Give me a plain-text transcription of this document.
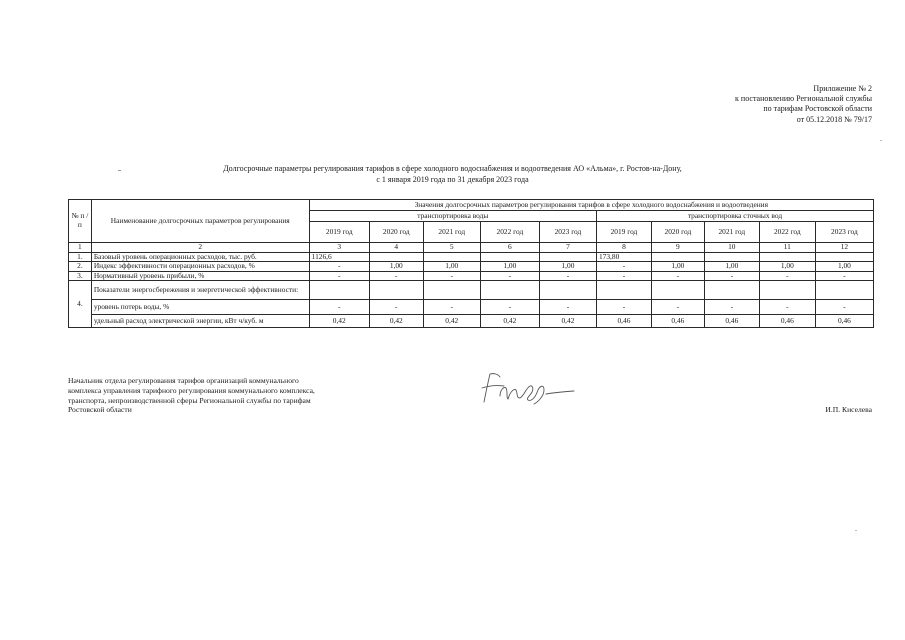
Приложение № 2
к постановлению Региональной службы
по тарифам Ростовской области
от 05.12.2018 № 79/17
Долгосрочные параметры регулирования тарифов в сфере холодного водоснабжения и водоотведения АО «Альма», г. Ростов-на-Дону,
с 1 января 2019 года по 31 декабря 2023 года
№ п /п	Наименование долгосрочных параметров регулирования	Значения долгосрочных параметров регулирования тарифов в сфере холодного водоснабжения и водоотведения									
		транспортировка воды					транспортировка сточных вод				
		2019 год	2020 год	2021 год	2022 год	2023 год	2019 год	2020 год	2021 год	2022 год	2023 год
1	2	3	4	5	6	7	8	9	10	11	12
1.	Базовый уровень операционных расходов, тыс. руб.	1126,6					173,80				
2.	Индекс эффективности операционных расходов, %	-	1,00	1,00	1,00	1,00	-	1,00	1,00	1,00	1,00
3.	Нормативный уровень прибыли, %	-	-	-	-	-	-	-	-	-	-
4.	Показатели энергосбережения и энергетической эффективности:										
	уровень потерь воды, %	-	-	-	-	-	-	-	-	-	-
	удельный расход электрической энергии, кВт ч/куб. м	0,42	0,42	0,42	0,42	0,42	0,46	0,46	0,46	0,46	0,46
Начальник отдела регулирования тарифов организаций коммунального
комплекса управления тарифного регулирования коммунального комплекса,
транспорта, непроизводственной сферы Региональной службы по тарифам
Ростовской области	И.П. Киселева
